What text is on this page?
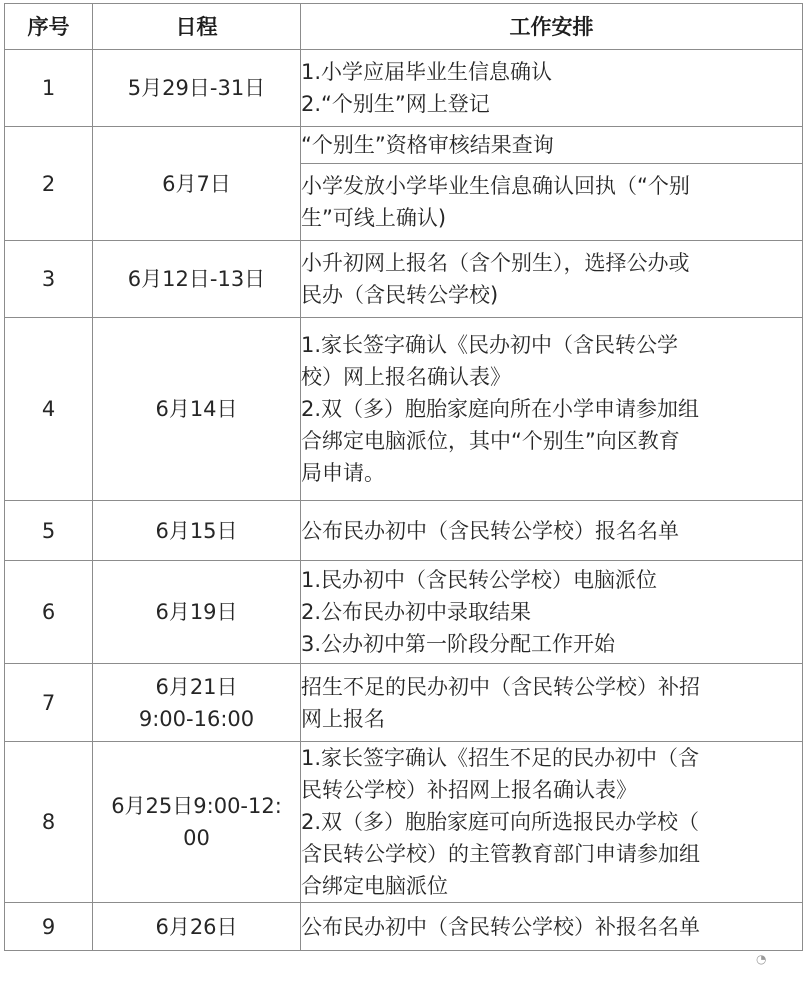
序号	日程	工作安排
1	5月29日-31日	1.小学应届毕业生信息确认
2.“个别生”网上登记

2	6月7日	“个别生”资格审核结果查询

		小学发放小学毕业生信息确认回执（“个别
生”可线上确认)

3	6月12日-13日	小升初网上报名（含个别生），选择公办或
民办（含民转公学校)

4	6月14日	1.家长签字确认《民办初中（含民转公学
校）网上报名确认表》
2.双（多）胞胎家庭向所在小学申请参加组
合绑定电脑派位，其中“个别生”向区教育
局申请。

5	6月15日	公布民办初中（含民转公学校）报名名单

6	6月19日	1.民办初中（含民转公学校）电脑派位
2.公布民办初中录取结果
3.公办初中第一阶段分配工作开始

7	6月21日
9:00-16:00	招生不足的民办初中（含民转公学校）补招
网上报名

8	6月25日9:00-12:
00	1.家长签字确认《招生不足的民办初中（含
民转公学校）补招网上报名确认表》
2.双（多）胞胎家庭可向所选报民办学校（
含民转公学校）的主管教育部门申请参加组
合绑定电脑派位

9	6月26日	公布民办初中（含民转公学校）补报名名单
◔
